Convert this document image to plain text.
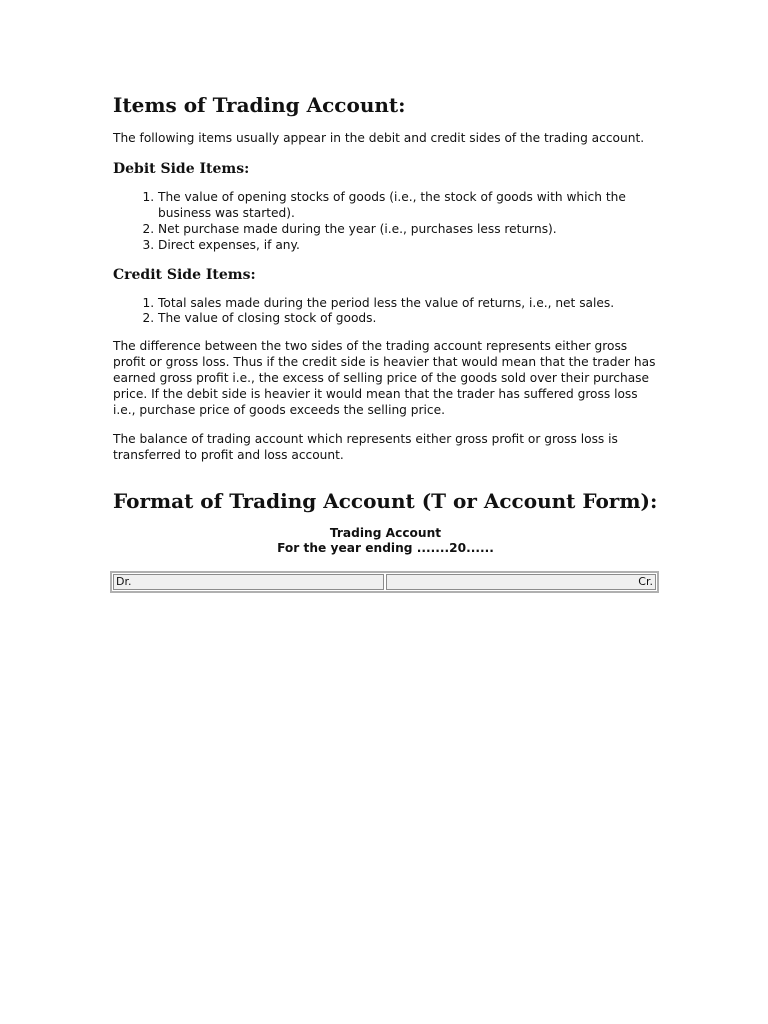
Items of Trading Account:

The following items usually appear in the debit and credit sides of the trading account.

Debit Side Items:
1. The value of opening stocks of goods (i.e., the stock of goods with which the business was started).
2. Net purchase made during the year (i.e., purchases less returns).
3. Direct expenses, if any.
Credit Side Items:
1. Total sales made during the period less the value of returns, i.e., net sales.
2. The value of closing stock of goods.

The difference between the two sides of the trading account represents either gross profit or gross loss. Thus if the credit side is heavier that would mean that the trader has earned gross profit i.e., the excess of selling price of the goods sold over their purchase price. If the debit side is heavier it would mean that the trader has suffered gross loss i.e., purchase price of goods exceeds the selling price.

The balance of trading account which represents either gross profit or gross loss is transferred to profit and loss account.

Format of Trading Account (T or Account Form):
Trading Account
For the year ending .......20......
Dr.	Cr.
